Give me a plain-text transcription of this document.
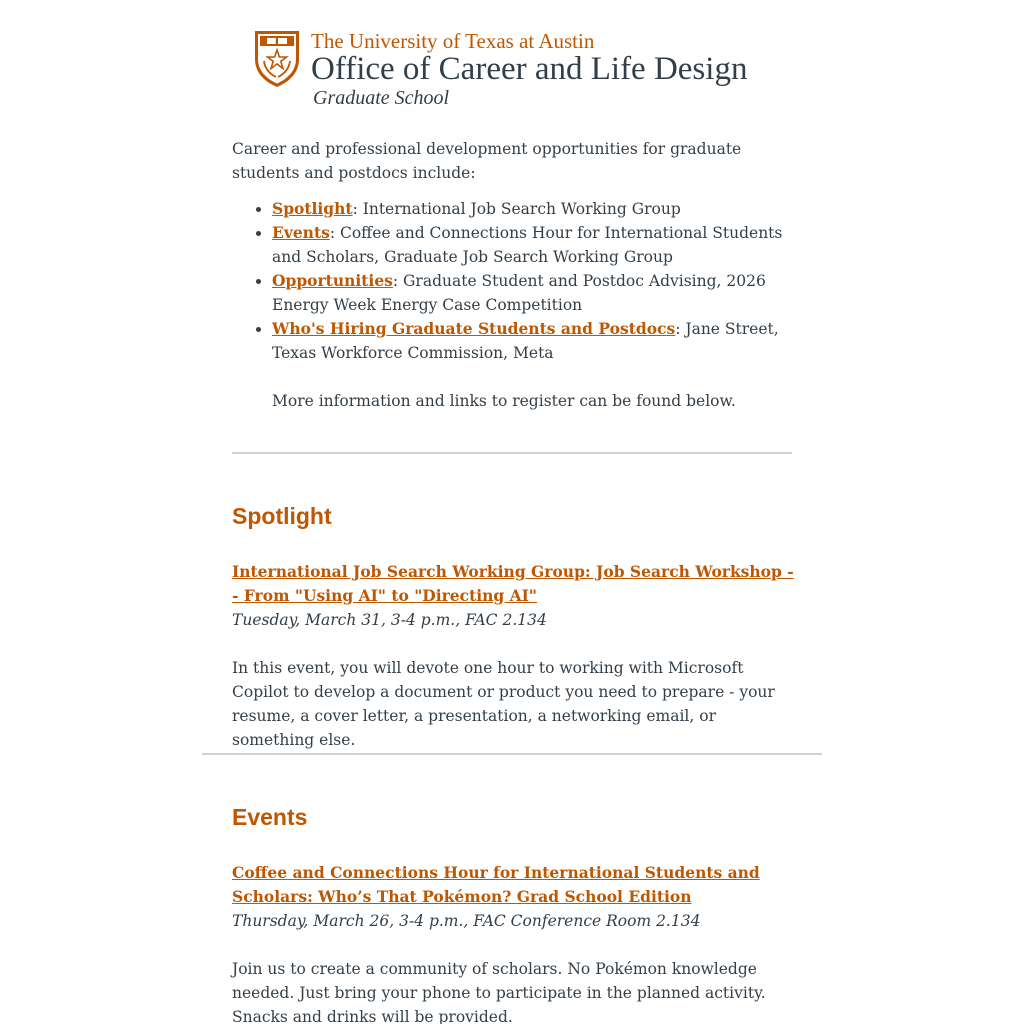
The University of Texas at Austin
Office of Career and Life Design
Graduate School

Career and professional development opportunities for graduate students and postdocs include:

• Spotlight: International Job Search Working Group
• Events: Coffee and Connections Hour for International Students and Scholars, Graduate Job Search Working Group
• Opportunities: Graduate Student and Postdoc Advising, 2026 Energy Week Energy Case Competition
• Who's Hiring Graduate Students and Postdocs: Jane Street, Texas Workforce Commission, Meta

More information and links to register can be found below.

Spotlight
International Job Search Working Group: Job Search Workshop -- From "Using AI" to "Directing AI"
Tuesday, March 31, 3-4 p.m., FAC 2.134

In this event, you will devote one hour to working with Microsoft Copilot to develop a document or product you need to prepare - your resume, a cover letter, a presentation, a networking email, or something else.

Events
Coffee and Connections Hour for International Students and Scholars: Who’s That Pokémon? Grad School Edition
Thursday, March 26, 3-4 p.m., FAC Conference Room 2.134

Join us to create a community of scholars. No Pokémon knowledge needed. Just bring your phone to participate in the planned activity. Snacks and drinks will be provided.
